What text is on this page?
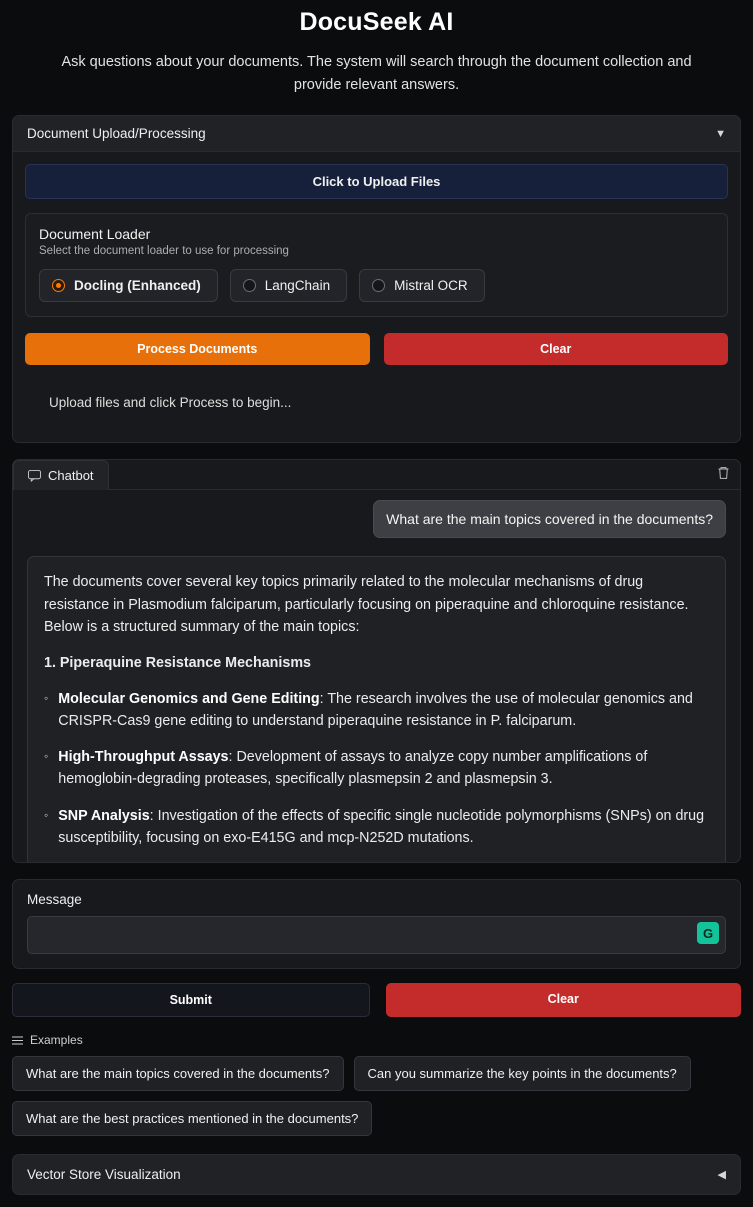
DocuSeek AI
Ask questions about your documents. The system will search through the document collection and provide relevant answers.
Document Upload/Processing	▼
Click to Upload Files
Document Loader
Select the document loader to use for processing
Docling (Enhanced)	LangChain	Mistral OCR
Process Documents	Clear
Upload files and click Process to begin...
Chatbot
What are the main topics covered in the documents?

The documents cover several key topics primarily related to the molecular mechanisms of drug resistance in Plasmodium falciparum, particularly focusing on piperaquine and chloroquine resistance. Below is a structured summary of the main topics:

1. Piperaquine Resistance Mechanisms

◦ Molecular Genomics and Gene Editing: The research involves the use of molecular genomics and CRISPR-Cas9 gene editing to understand piperaquine resistance in P. falciparum.
◦ High-Throughput Assays: Development of assays to analyze copy number amplifications of hemoglobin-degrading proteases, specifically plasmepsin 2 and plasmepsin 3.
◦ SNP Analysis: Investigation of the effects of specific single nucleotide polymorphisms (SNPs) on drug susceptibility, focusing on exo-E415G and mcp-N252D mutations.
Message
G
Submit	Clear
Examples
What are the main topics covered in the documents?	Can you summarize the key points in the documents?
What are the best practices mentioned in the documents?
Vector Store Visualization	◀
